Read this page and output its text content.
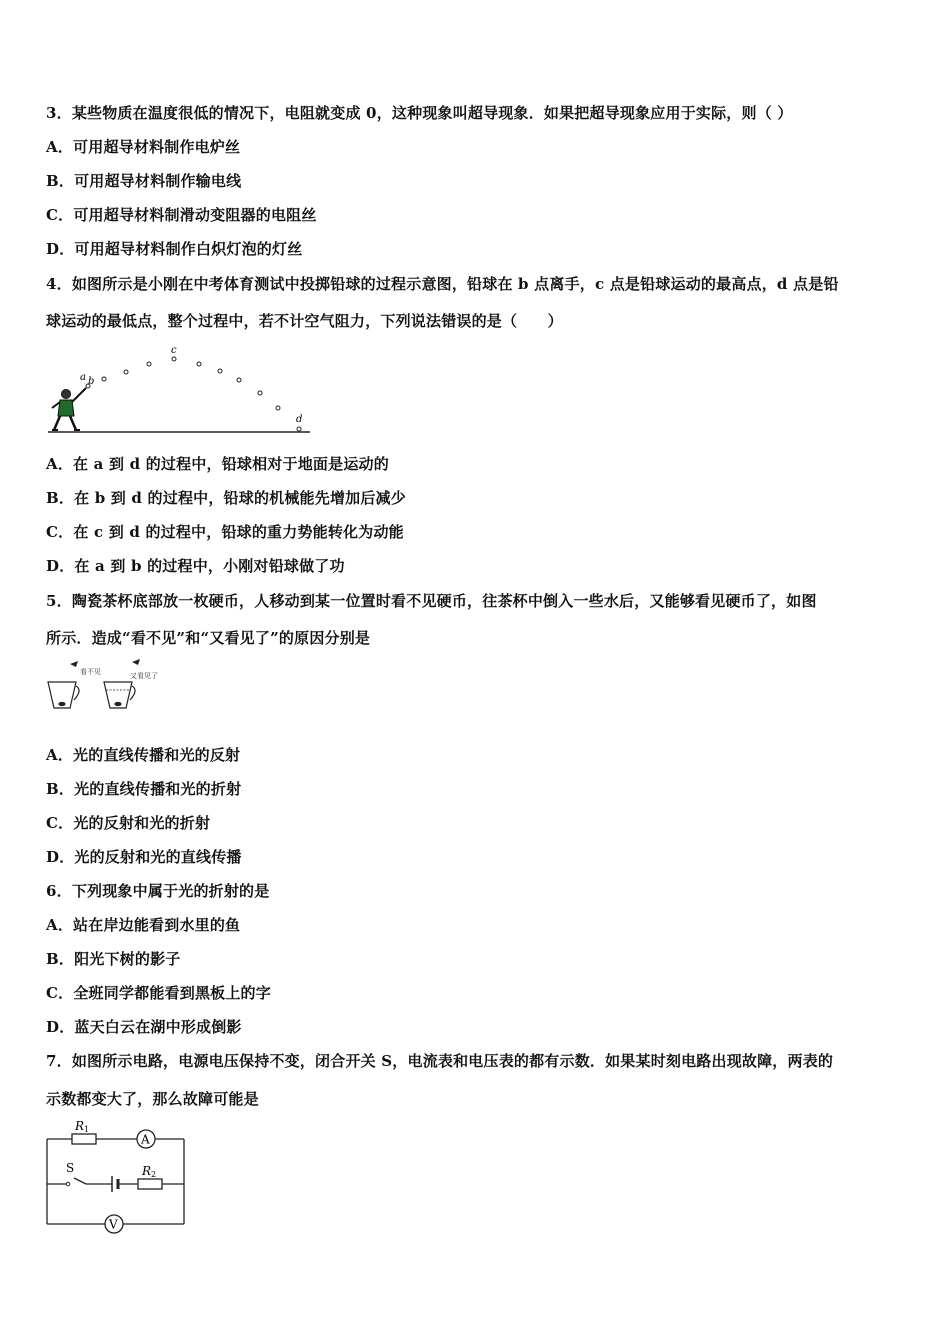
3．某些物质在温度很低的情况下，电阻就变成 0，这种现象叫超导现象．如果把超导现象应用于实际，则（ ）
A．可用超导材料制作电炉丝
B．可用超导材料制作输电线
C．可用超导材料制滑动变阻器的电阻丝
D．可用超导材料制作白炽灯泡的灯丝
4．如图所示是小刚在中考体育测试中投掷铅球的过程示意图，铅球在 b 点离手，c 点是铅球运动的最高点，d 点是铅
球运动的最低点，整个过程中，若不计空气阻力，下列说法错误的是（　　）
a b
c
d
A．在 a 到 d 的过程中，铅球相对于地面是运动的
B．在 b 到 d 的过程中，铅球的机械能先增加后减少
C．在 c 到 d 的过程中，铅球的重力势能转化为动能
D．在 a 到 b 的过程中，小刚对铅球做了功
5．陶瓷茶杯底部放一枚硬币，人移动到某一位置时看不见硬币，往茶杯中倒入一些水后，又能够看见硬币了，如图
所示．造成“看不见”和“又看见了”的原因分别是
看不见	又看见了
A．光的直线传播和光的反射
B．光的直线传播和光的折射
C．光的反射和光的折射
D．光的反射和光的直线传播
6．下列现象中属于光的折射的是
A．站在岸边能看到水里的鱼
B．阳光下树的影子
C．全班同学都能看到黑板上的字
D．蓝天白云在湖中形成倒影
7．如图所示电路，电源电压保持不变，闭合开关 S，电流表和电压表的都有示数．如果某时刻电路出现故障，两表的
示数都变大了，那么故障可能是
R1
A
S	R2
V
